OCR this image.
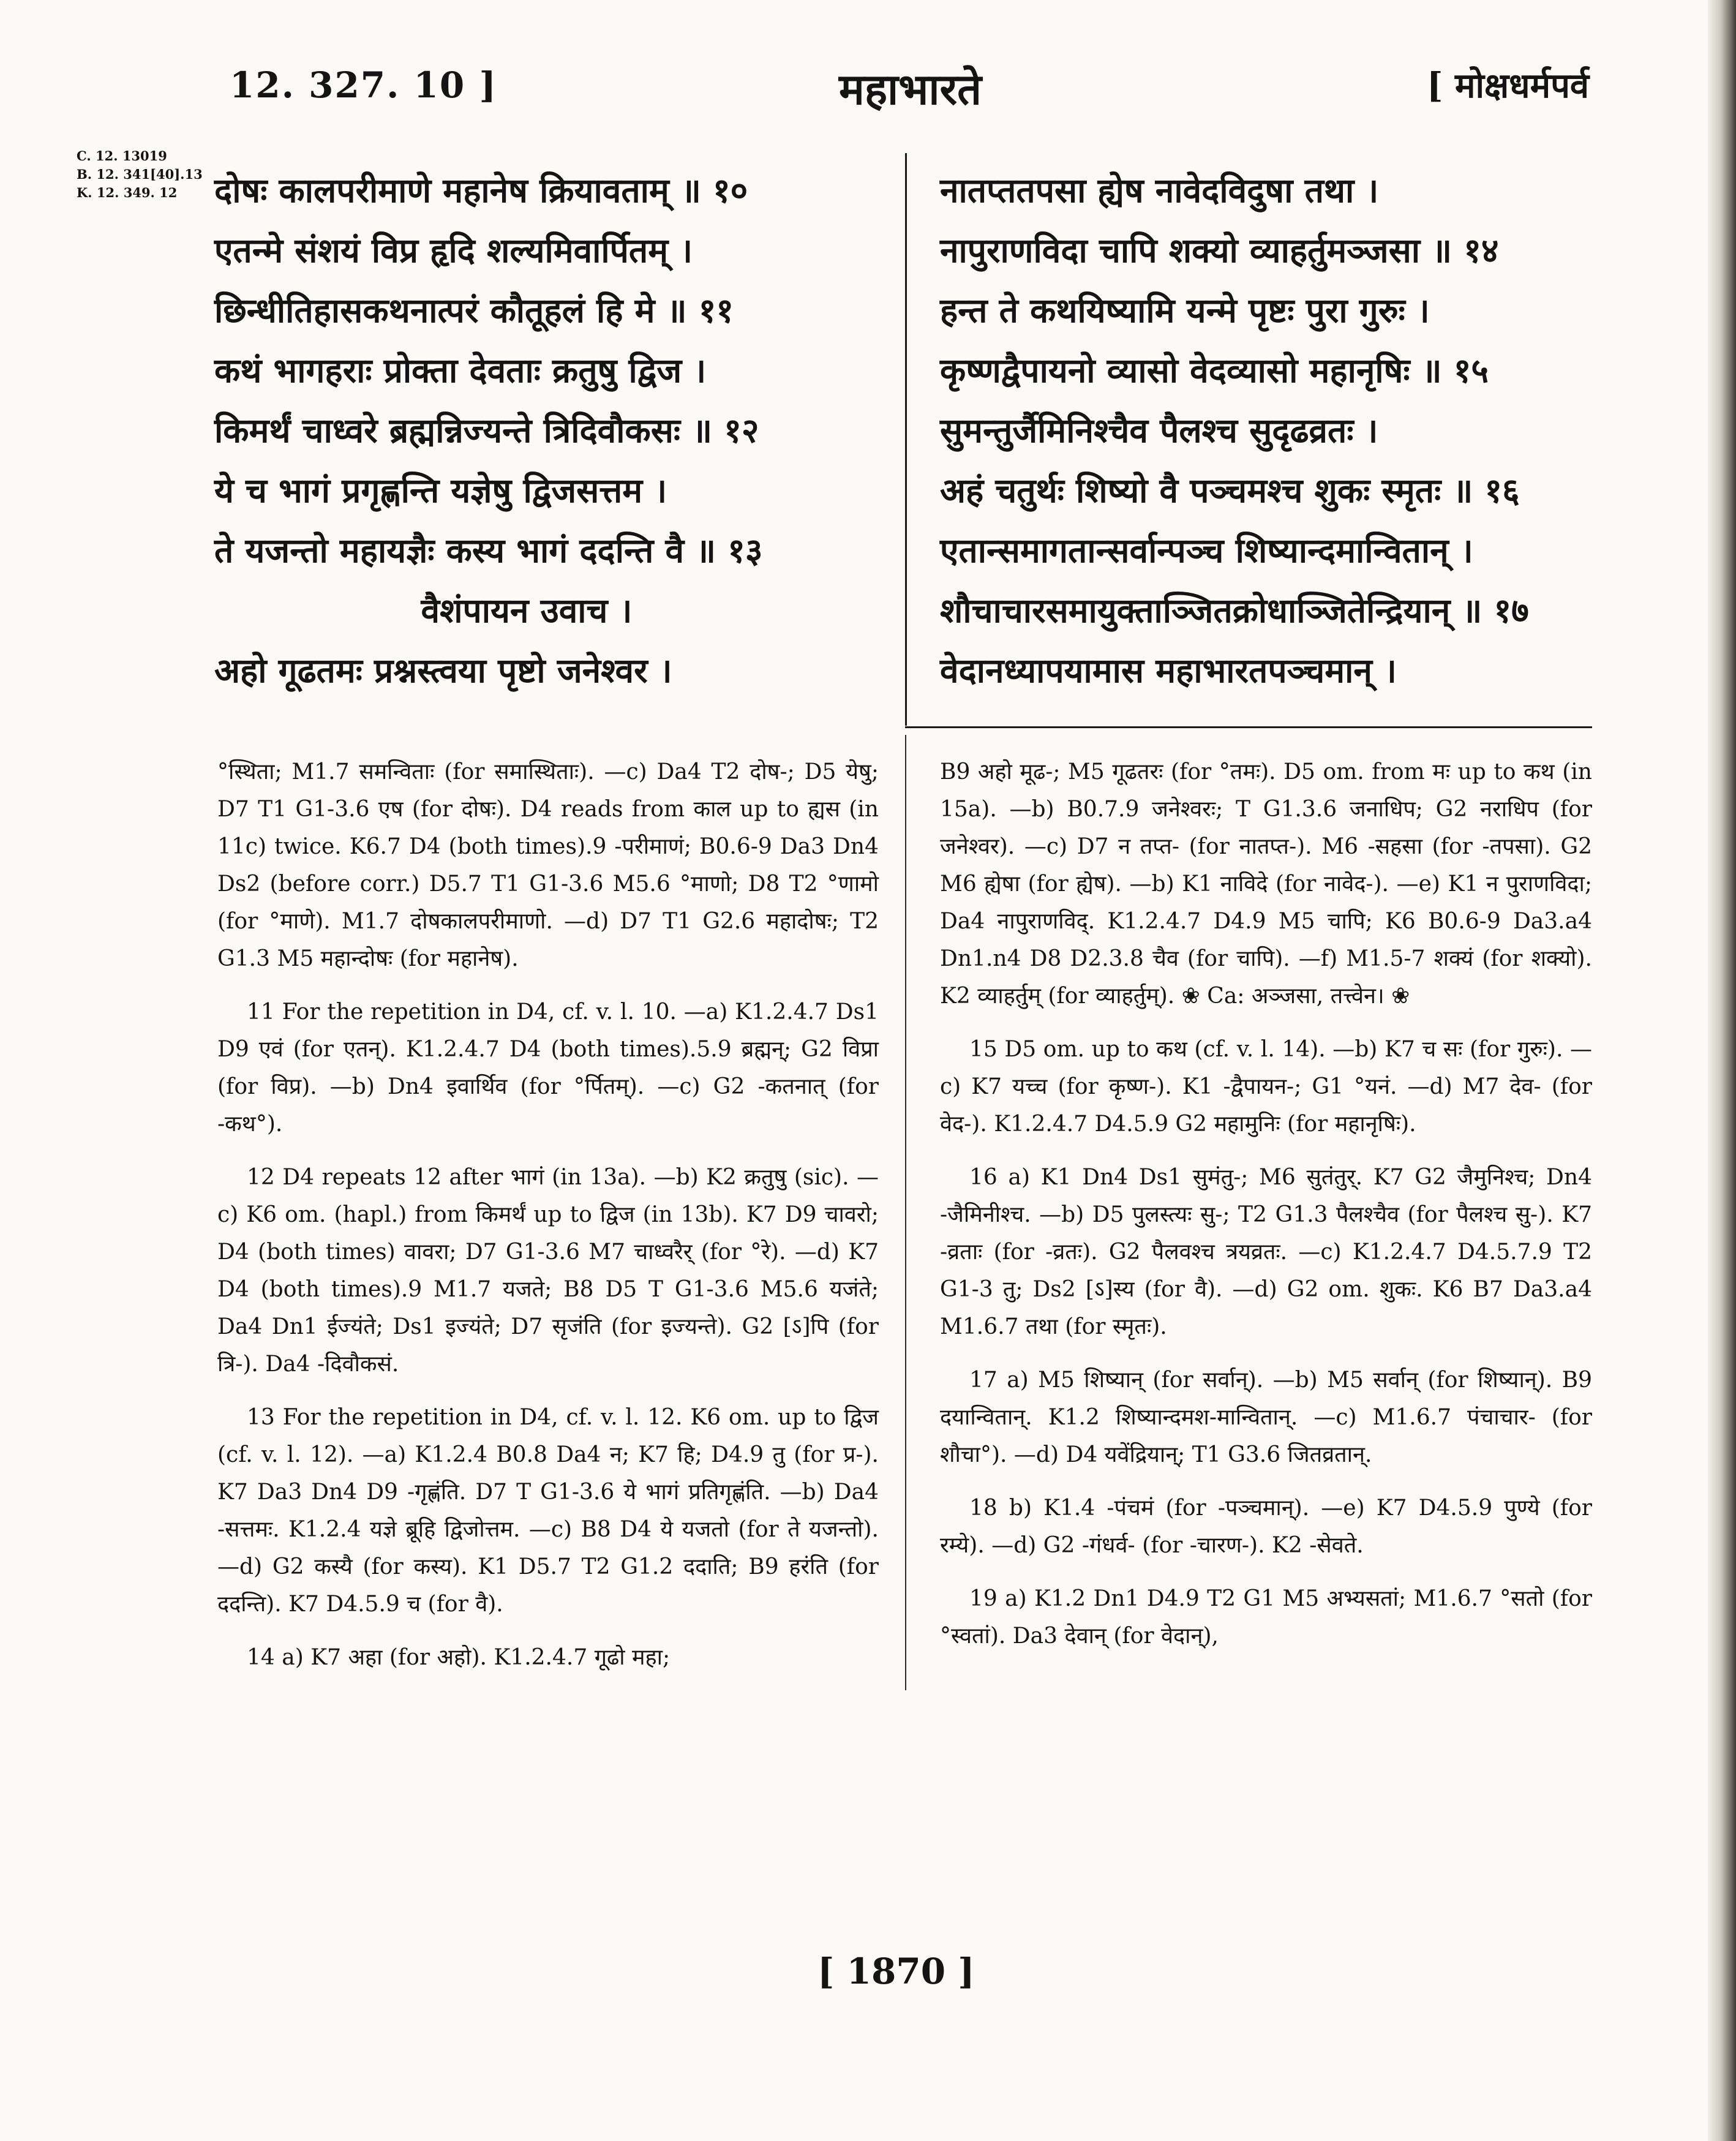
12. 327. 10 ]	महाभारते	[ मोक्षधर्मपर्व
C. 12. 13019
B. 12. 341[40].13
K. 12. 349. 12	दोषः कालपरीमाणे महानेष क्रियावताम् ॥ १०
एतन्मे संशयं विप्र हृदि शल्यमिवार्पितम् ।
छिन्धीतिहासकथनात्परं कौतूहलं हि मे ॥ ११
कथं भागहराः प्रोक्ता देवताः क्रतुषु द्विज ।
किमर्थं चाध्वरे ब्रह्मन्निज्यन्ते त्रिदिवौकसः ॥ १२
ये च भागं प्रगृह्णन्ति यज्ञेषु द्विजसत्तम ।
ते यजन्तो महायज्ञैः कस्य भागं ददन्ति वै ॥ १३
वैशंपायन उवाच ।
अहो गूढतमः प्रश्नस्त्वया पृष्टो जनेश्वर ।
नातप्ततपसा ह्येष नावेदविदुषा तथा ।
नापुराणविदा चापि शक्यो व्याहर्तुमञ्जसा ॥ १४
हन्त ते कथयिष्यामि यन्मे पृष्टः पुरा गुरुः ।
कृष्णद्वैपायनो व्यासो वेदव्यासो महानृषिः ॥ १५
सुमन्तुर्जैमिनिश्चैव पैलश्च सुदृढव्रतः ।
अहं चतुर्थः शिष्यो वै पञ्चमश्च शुकः स्मृतः ॥ १६
एतान्समागतान्सर्वान्पञ्च शिष्यान्दमान्वितान् ।
शौचाचारसमायुक्ताञ्जितक्रोधाञ्जितेन्द्रियान् ॥ १७
वेदानध्यापयामास महाभारतपञ्चमान् ।

°स्थिता; M1.7 समन्विताः (for समास्थिताः). —c) Da4 T2 दोष-; D5 येषु; D7 T1 G1-3.6 एष (for दोषः). D4 reads from काल up to ह्यस (in 11c) twice. K6.7 D4 (both times).9 -परीमाणं; B0.6-9 Da3 Dn4 Ds2 (before corr.) D5.7 T1 G1-3.6 M5.6 °माणो; D8 T2 °णामो (for °माणे). M1.7 दोषकालपरीमाणो. —d) D7 T1 G2.6 महादोषः; T2 G1.3 M5 महान्दोषः (for महानेष).

11 For the repetition in D4, cf. v. l. 10. —a) K1.2.4.7 Ds1 D9 एवं (for एतन्). K1.2.4.7 D4 (both times).5.9 ब्रह्मन्; G2 विप्रा (for विप्र). —b) Dn4 इवार्थिव (for °र्पितम्). —c) G2 -कतनात् (for -कथ°).

12 D4 repeats 12 after भागं (in 13a). —b) K2 क्रतुषु (sic). —c) K6 om. (hapl.) from किमर्थं up to द्विज (in 13b). K7 D9 चावरो; D4 (both times) वावरा; D7 G1-3.6 M7 चाध्वरैर् (for °रे). —d) K7 D4 (both times).9 M1.7 यजते; B8 D5 T G1-3.6 M5.6 यजंते; Da4 Dn1 ईज्यंते; Ds1 इज्यंते; D7 सृजंति (for इज्यन्ते). G2 [ऽ]पि (for त्रि-). Da4 -दिवौकसं.

13 For the repetition in D4, cf. v. l. 12. K6 om. up to द्विज (cf. v. l. 12). —a) K1.2.4 B0.8 Da4 न; K7 हि; D4.9 तु (for प्र-). K7 Da3 Dn4 D9 -गृह्णंति. D7 T G1-3.6 ये भागं प्रतिगृह्णंति. —b) Da4 -सत्तमः. K1.2.4 यज्ञे ब्रूहि द्विजोत्तम. —c) B8 D4 ये यजतो (for ते यजन्तो). —d) G2 कस्यै (for कस्य). K1 D5.7 T2 G1.2 ददाति; B9 हरंति (for ददन्ति). K7 D4.5.9 च (for वै).

14 a) K7 अहा (for अहो). K1.2.4.7 गूढो महा;

B9 अहो मूढ-; M5 गूढतरः (for °तमः). D5 om. from मः up to कथ (in 15a). —b) B0.7.9 जनेश्वरः; T G1.3.6 जनाधिप; G2 नराधिप (for जनेश्वर). —c) D7 न तप्त- (for नातप्त-). M6 -सहसा (for -तपसा). G2 M6 ह्येषा (for ह्येष). —b) K1 नाविदे (for नावेद-). —e) K1 न पुराणविदा; Da4 नापुराणविद्. K1.2.4.7 D4.9 M5 चापि; K6 B0.6-9 Da3.a4 Dn1.n4 D8 D2.3.8 चैव (for चापि). —f) M1.5-7 शक्यं (for शक्यो). K2 व्याहर्तुम् (for व्याहर्तुम्). ❀ Ca: अञ्जसा, तत्त्वेन। ❀

15 D5 om. up to कथ (cf. v. l. 14). —b) K7 च सः (for गुरुः). —c) K7 यच्च (for कृष्ण-). K1 -द्वैपायन-; G1 °यनं. —d) M7 देव- (for वेद-). K1.2.4.7 D4.5.9 G2 महामुनिः (for महानृषिः).

16 a) K1 Dn4 Ds1 सुमंतु-; M6 सुतंतुर्. K7 G2 जैमुनिश्च; Dn4 -जैमिनीश्च. —b) D5 पुलस्त्यः सु-; T2 G1.3 पैलश्चैव (for पैलश्च सु-). K7 -व्रताः (for -व्रतः). G2 पैलवश्च त्रयव्रतः. —c) K1.2.4.7 D4.5.7.9 T2 G1-3 तु; Ds2 [ऽ]स्य (for वै). —d) G2 om. शुकः. K6 B7 Da3.a4 M1.6.7 तथा (for स्मृतः).

17 a) M5 शिष्यान् (for सर्वान्). —b) M5 सर्वान् (for शिष्यान्). B9 दयान्वितान्. K1.2 शिष्यान्दमश-मान्वितान्. —c) M1.6.7 पंचाचार- (for शौचा°). —d) D4 यवेंद्रियान्; T1 G3.6 जितव्रतान्.

18 b) K1.4 -पंचमं (for -पञ्चमान्). —e) K7 D4.5.9 पुण्ये (for रम्ये). —d) G2 -गंधर्व- (for -चारण-). K2 -सेवते.

19 a) K1.2 Dn1 D4.9 T2 G1 M5 अभ्यसतां; M1.6.7 °सतो (for °स्वतां). Da3 देवान् (for वेदान्),

[ 1870 ]
